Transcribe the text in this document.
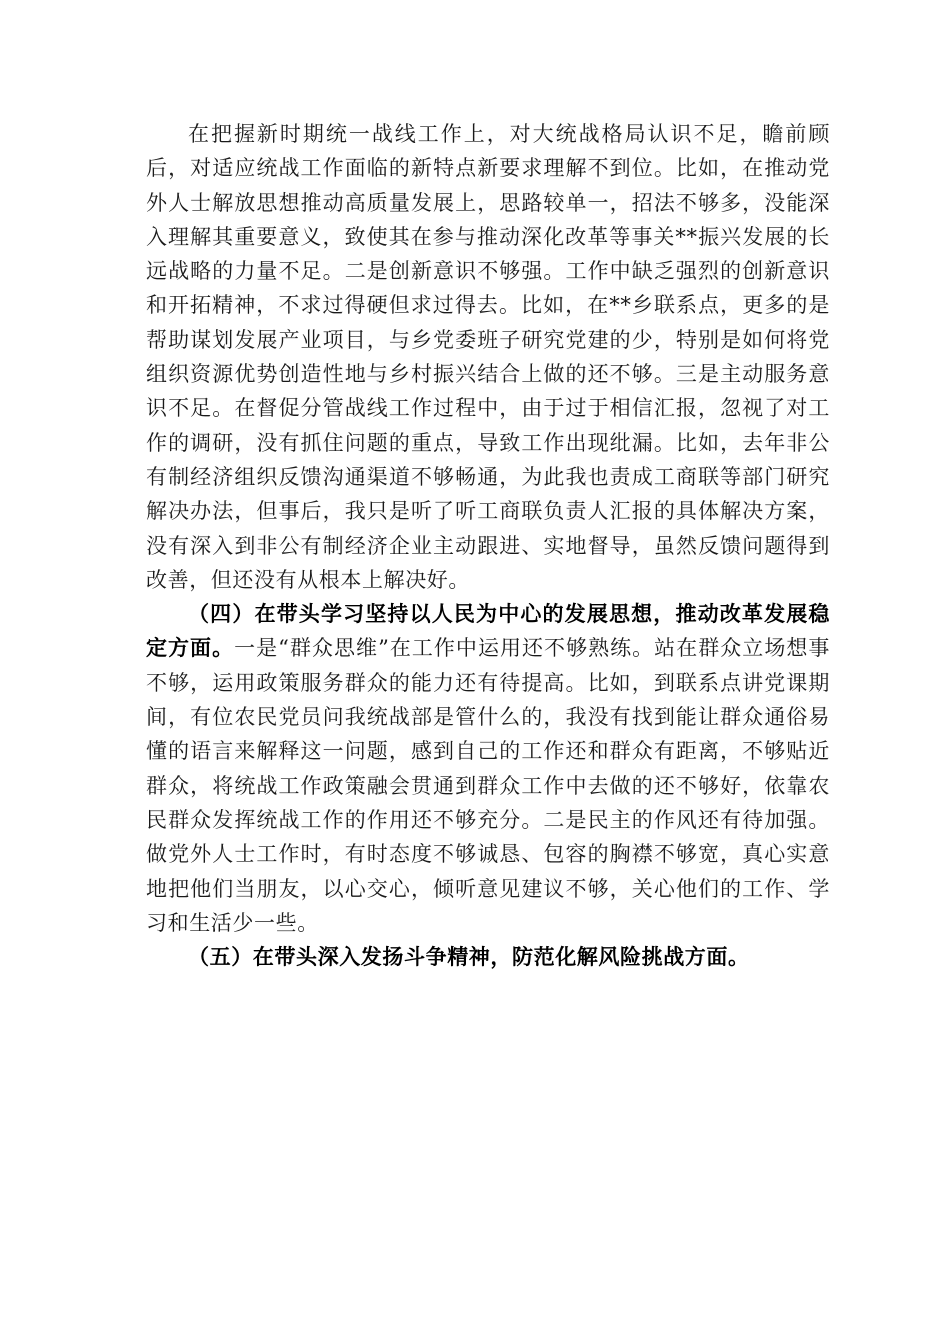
在把握新时期统一战线工作上，对大统战格局认识不足，瞻前顾后，对适应统战工作面临的新特点新要求理解不到位。比如，在推动党外人士解放思想推动高质量发展上，思路较单一，招法不够多，没能深入理解其重要意义，致使其在参与推动深化改革等事关**振兴发展的长远战略的力量不足。二是创新意识不够强。工作中缺乏强烈的创新意识和开拓精神，不求过得硬但求过得去。比如，在**乡联系点，更多的是帮助谋划发展产业项目，与乡党委班子研究党建的少，特别是如何将党组织资源优势创造性地与乡村振兴结合上做的还不够。三是主动服务意识不足。在督促分管战线工作过程中，由于过于相信汇报，忽视了对工作的调研，没有抓住问题的重点，导致工作出现纰漏。比如，去年非公有制经济组织反馈沟通渠道不够畅通，为此我也责成工商联等部门研究解决办法，但事后，我只是听了听工商联负责人汇报的具体解决方案，没有深入到非公有制经济企业主动跟进、实地督导，虽然反馈问题得到改善，但还没有从根本上解决好。

（四）在带头学习坚持以人民为中心的发展思想，推动改革发展稳定方面。一是“群众思维”在工作中运用还不够熟练。站在群众立场想事不够，运用政策服务群众的能力还有待提高。比如，到联系点讲党课期间，有位农民党员问我统战部是管什么的，我没有找到能让群众通俗易懂的语言来解释这一问题，感到自己的工作还和群众有距离，不够贴近群众，将统战工作政策融会贯通到群众工作中去做的还不够好，依靠农民群众发挥统战工作的作用还不够充分。二是民主的作风还有待加强。做党外人士工作时，有时态度不够诚恳、包容的胸襟不够宽，真心实意地把他们当朋友，以心交心，倾听意见建议不够，关心他们的工作、学习和生活少一些。

（五）在带头深入发扬斗争精神，防范化解风险挑战方面。
